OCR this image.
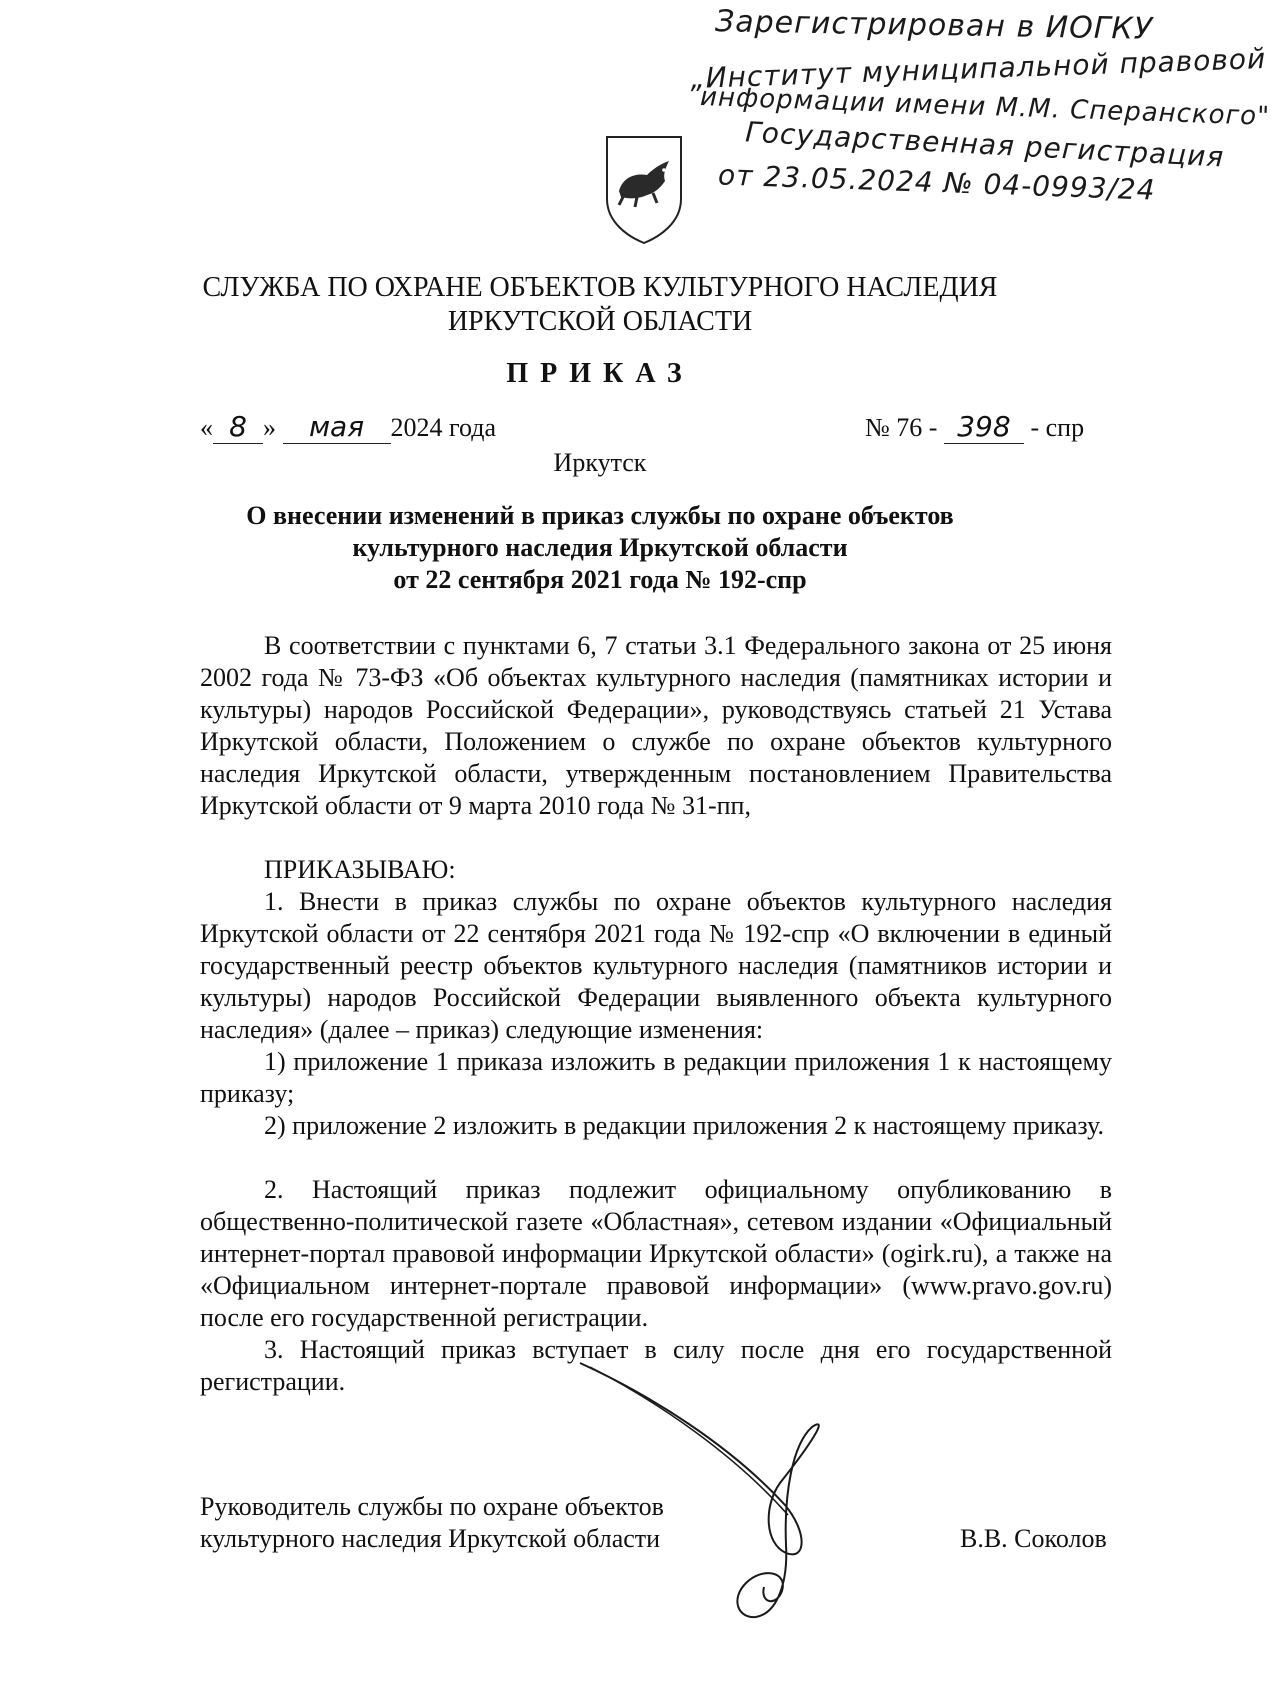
Зарегистрирован в ИОГКУ
„Институт муниципальной правовой
информации имени М.М. Сперанского"
Государственная регистрация
от 23.05.2024 № 04-0993/24
СЛУЖБА ПО ОХРАНЕ ОБЪЕКТОВ КУЛЬТУРНОГО НАСЛЕДИЯ
ИРКУТСКОЙ ОБЛАСТИ
ПРИКАЗ
« 8 » мая 2024 года	№ 76 - 398 - спр
Иркутск
О внесении изменений в приказ службы по охране объектов
культурного наследия Иркутской области
от 22 сентября 2021 года № 192-спр

В соответствии с пунктами 6, 7 статьи 3.1 Федерального закона от 25 июня 2002 года № 73-ФЗ «Об объектах культурного наследия (памятниках истории и культуры) народов Российской Федерации», руководствуясь статьей 21 Устава Иркутской области, Положением о службе по охране объектов культурного наследия Иркутской области, утвержденным постановлением Правительства Иркутской области от 9 марта 2010 года № 31-пп,

ПРИКАЗЫВАЮ:

1. Внести в приказ службы по охране объектов культурного наследия Иркутской области от 22 сентября 2021 года № 192-спр «О включении в единый государственный реестр объектов культурного наследия (памятников истории и культуры) народов Российской Федерации выявленного объекта культурного наследия» (далее – приказ) следующие изменения:

1) приложение 1 приказа изложить в редакции приложения 1 к настоящему приказу;

2) приложение 2 изложить в редакции приложения 2 к настоящему приказу.

2. Настоящий приказ подлежит официальному опубликованию в общественно-политической газете «Областная», сетевом издании «Официальный интернет-портал правовой информации Иркутской области» (ogirk.ru), а также на «Официальном интернет-портале правовой информации» (www.pravo.gov.ru) после его государственной регистрации.

3. Настоящий приказ вступает в силу после дня его государственной регистрации.

Руководитель службы по охране объектов
культурного наследия Иркутской области	В.В. Соколов
